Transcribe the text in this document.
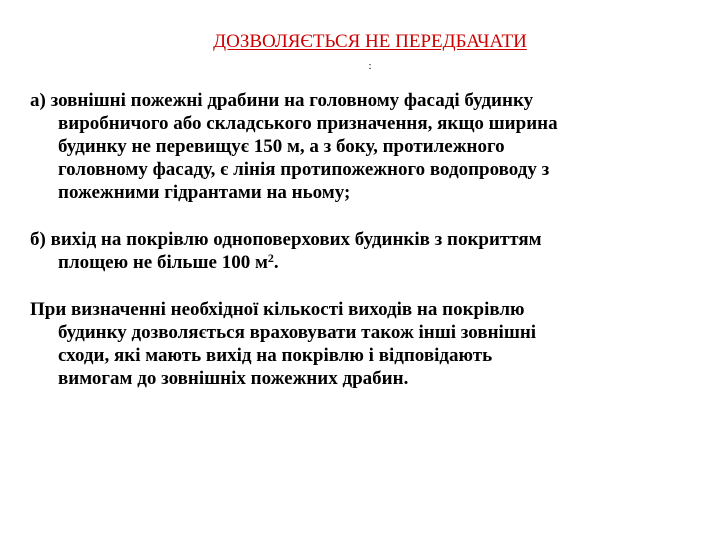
ДОЗВОЛЯЄТЬСЯ НЕ ПЕРЕДБАЧАТИ
:

а) зовнішні пожежні драбини на головному фасаді будинку
виробничого або складського призначення, якщо ширина
будинку не перевищує 150 м, а з боку, протилежного
головному фасаду, є лінія протипожежного водопроводу з
пожежними гідрантами на ньому;

б) вихід на покрівлю одноповерхових будинків з покриттям
площею не більше 100 $м^2$.

При визначенні необхідної кількості виходів на покрівлю
будинку дозволяється враховувати також інші зовнішні
сходи, які мають вихід на покрівлю і відповідають
вимогам до зовнішніх пожежних драбин.
